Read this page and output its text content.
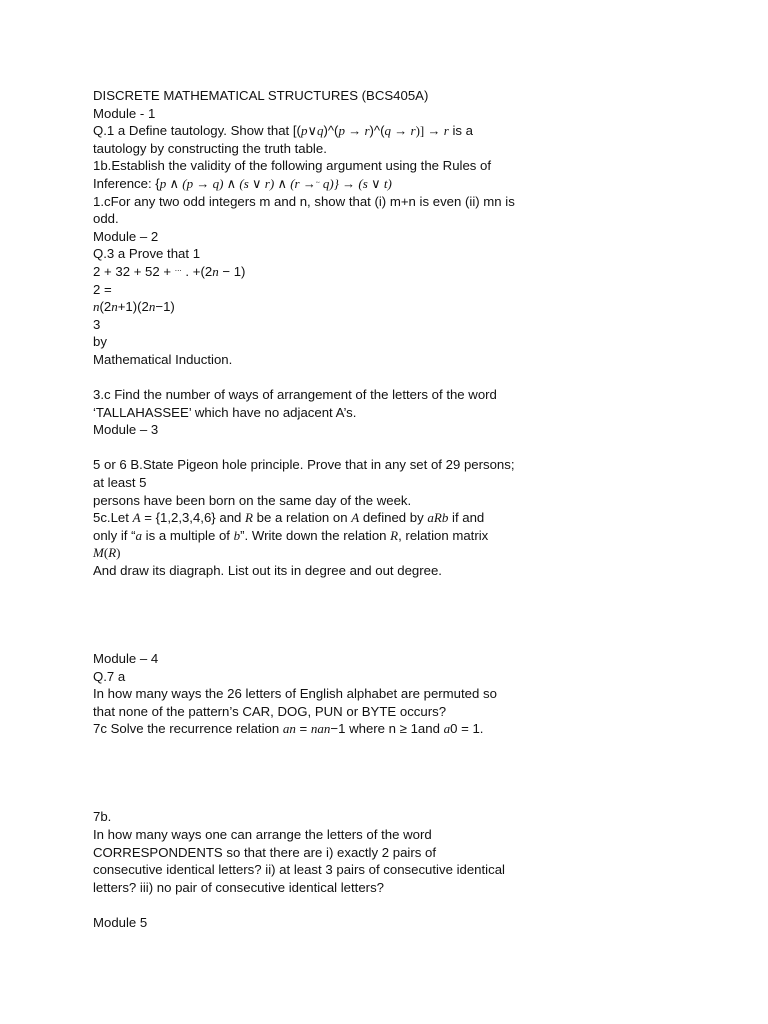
DISCRETE MATHEMATICAL STRUCTURES (BCS405A)
Module - 1
Q.1 a Define tautology. Show that [(p∨q)^(p → r)^(q → r)] → r is a
tautology by constructing the truth table.
1b.Establish the validity of the following argument using the Rules of
Inference: {p ∧ (p → q) ∧ (s ∨ r) ∧ (r →~ q)} → (s ∨ t)
1.cFor any two odd integers m and n, show that (i) m+n is even (ii) mn is
odd.
Module – 2
Q.3 a Prove that 1
2 + 32 + 52 + ⋯ . +(2n − 1)
2 =
n(2n+1)(2n−1)
3
by
Mathematical Induction.
3.c Find the number of ways of arrangement of the letters of the word
‘TALLAHASSEE’ which have no adjacent A’s.
Module – 3
5 or 6 B.State Pigeon hole principle. Prove that in any set of 29 persons;
at least 5
persons have been born on the same day of the week.
5c.Let A = {1,2,3,4,6} and R be a relation on A defined by aRb if and
only if “a is a multiple of b”. Write down the relation R, relation matrix
M(R)
And draw its diagraph. List out its in degree and out degree.
Module – 4
Q.7 a
In how many ways the 26 letters of English alphabet are permuted so
that none of the pattern’s CAR, DOG, PUN or BYTE occurs?
7c Solve the recurrence relation an = nan−1 where n ≥ 1and a0 = 1.
7b.
In how many ways one can arrange the letters of the word
CORRESPONDENTS so that there are i) exactly 2 pairs of
consecutive identical letters? ii) at least 3 pairs of consecutive identical
letters? iii) no pair of consecutive identical letters?
Module 5
